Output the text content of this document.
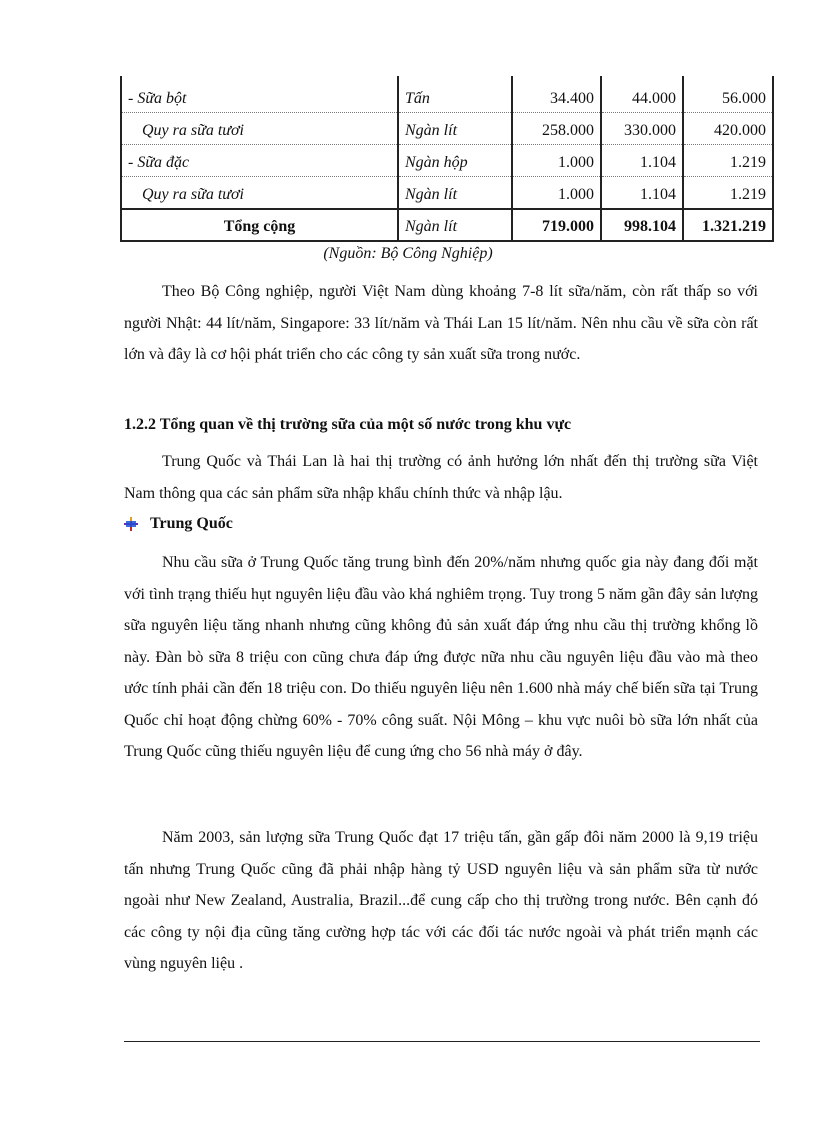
- Sữa bột	Tấn	34.400	44.000	56.000
Quy ra sữa tươi	Ngàn lít	258.000	330.000	420.000
- Sữa đặc	Ngàn hộp	1.000	1.104	1.219
Quy ra sữa tươi	Ngàn lít	1.000	1.104	1.219
Tổng cộng	Ngàn lít	719.000	998.104	1.321.219
(Nguồn: Bộ Công Nghiệp)

Theo Bộ Công nghiệp, người Việt Nam dùng khoảng 7-8 lít sữa/năm, còn rất thấp so với người Nhật: 44 lít/năm, Singapore: 33 lít/năm và Thái Lan 15 lít/năm. Nên nhu cầu về sữa còn rất lớn và đây là cơ hội phát triển cho các công ty sản xuất sữa trong nước.

1.2.2 Tổng quan về thị trường sữa của một số nước trong khu vực

Trung Quốc và Thái Lan là hai thị trường có ảnh hưởng lớn nhất đến thị trường sữa Việt Nam thông qua các sản phẩm sữa nhập khẩu chính thức và nhập lậu.

Trung Quốc

Nhu cầu sữa ở Trung Quốc tăng trung bình đến 20%/năm nhưng quốc gia này đang đối mặt với tình trạng thiếu hụt nguyên liệu đầu vào khá nghiêm trọng. Tuy trong 5 năm gần đây sản lượng sữa nguyên liệu tăng nhanh nhưng cũng không đủ sản xuất đáp ứng nhu cầu thị trường khổng lồ này. Đàn bò sữa 8 triệu con cũng chưa đáp ứng được nữa nhu cầu nguyên liệu đầu vào mà theo ước tính phải cần đến 18 triệu con. Do thiếu nguyên liệu nên 1.600 nhà máy chế biến sữa tại Trung Quốc chỉ hoạt động chừng 60% - 70% công suất. Nội Mông – khu vực nuôi bò sữa lớn nhất của Trung Quốc cũng thiếu nguyên liệu để cung ứng cho 56 nhà máy ở đây.

Năm 2003, sản lượng sữa Trung Quốc đạt 17 triệu tấn, gần gấp đôi năm 2000 là 9,19 triệu tấn nhưng Trung Quốc cũng đã phải nhập hàng tỷ USD nguyên liệu và sản phẩm sữa từ nước ngoài như New Zealand, Australia, Brazil...để cung cấp cho thị trường trong nước. Bên cạnh đó các công ty nội địa cũng tăng cường hợp tác với các đối tác nước ngoài và phát triển mạnh các vùng nguyên liệu .
